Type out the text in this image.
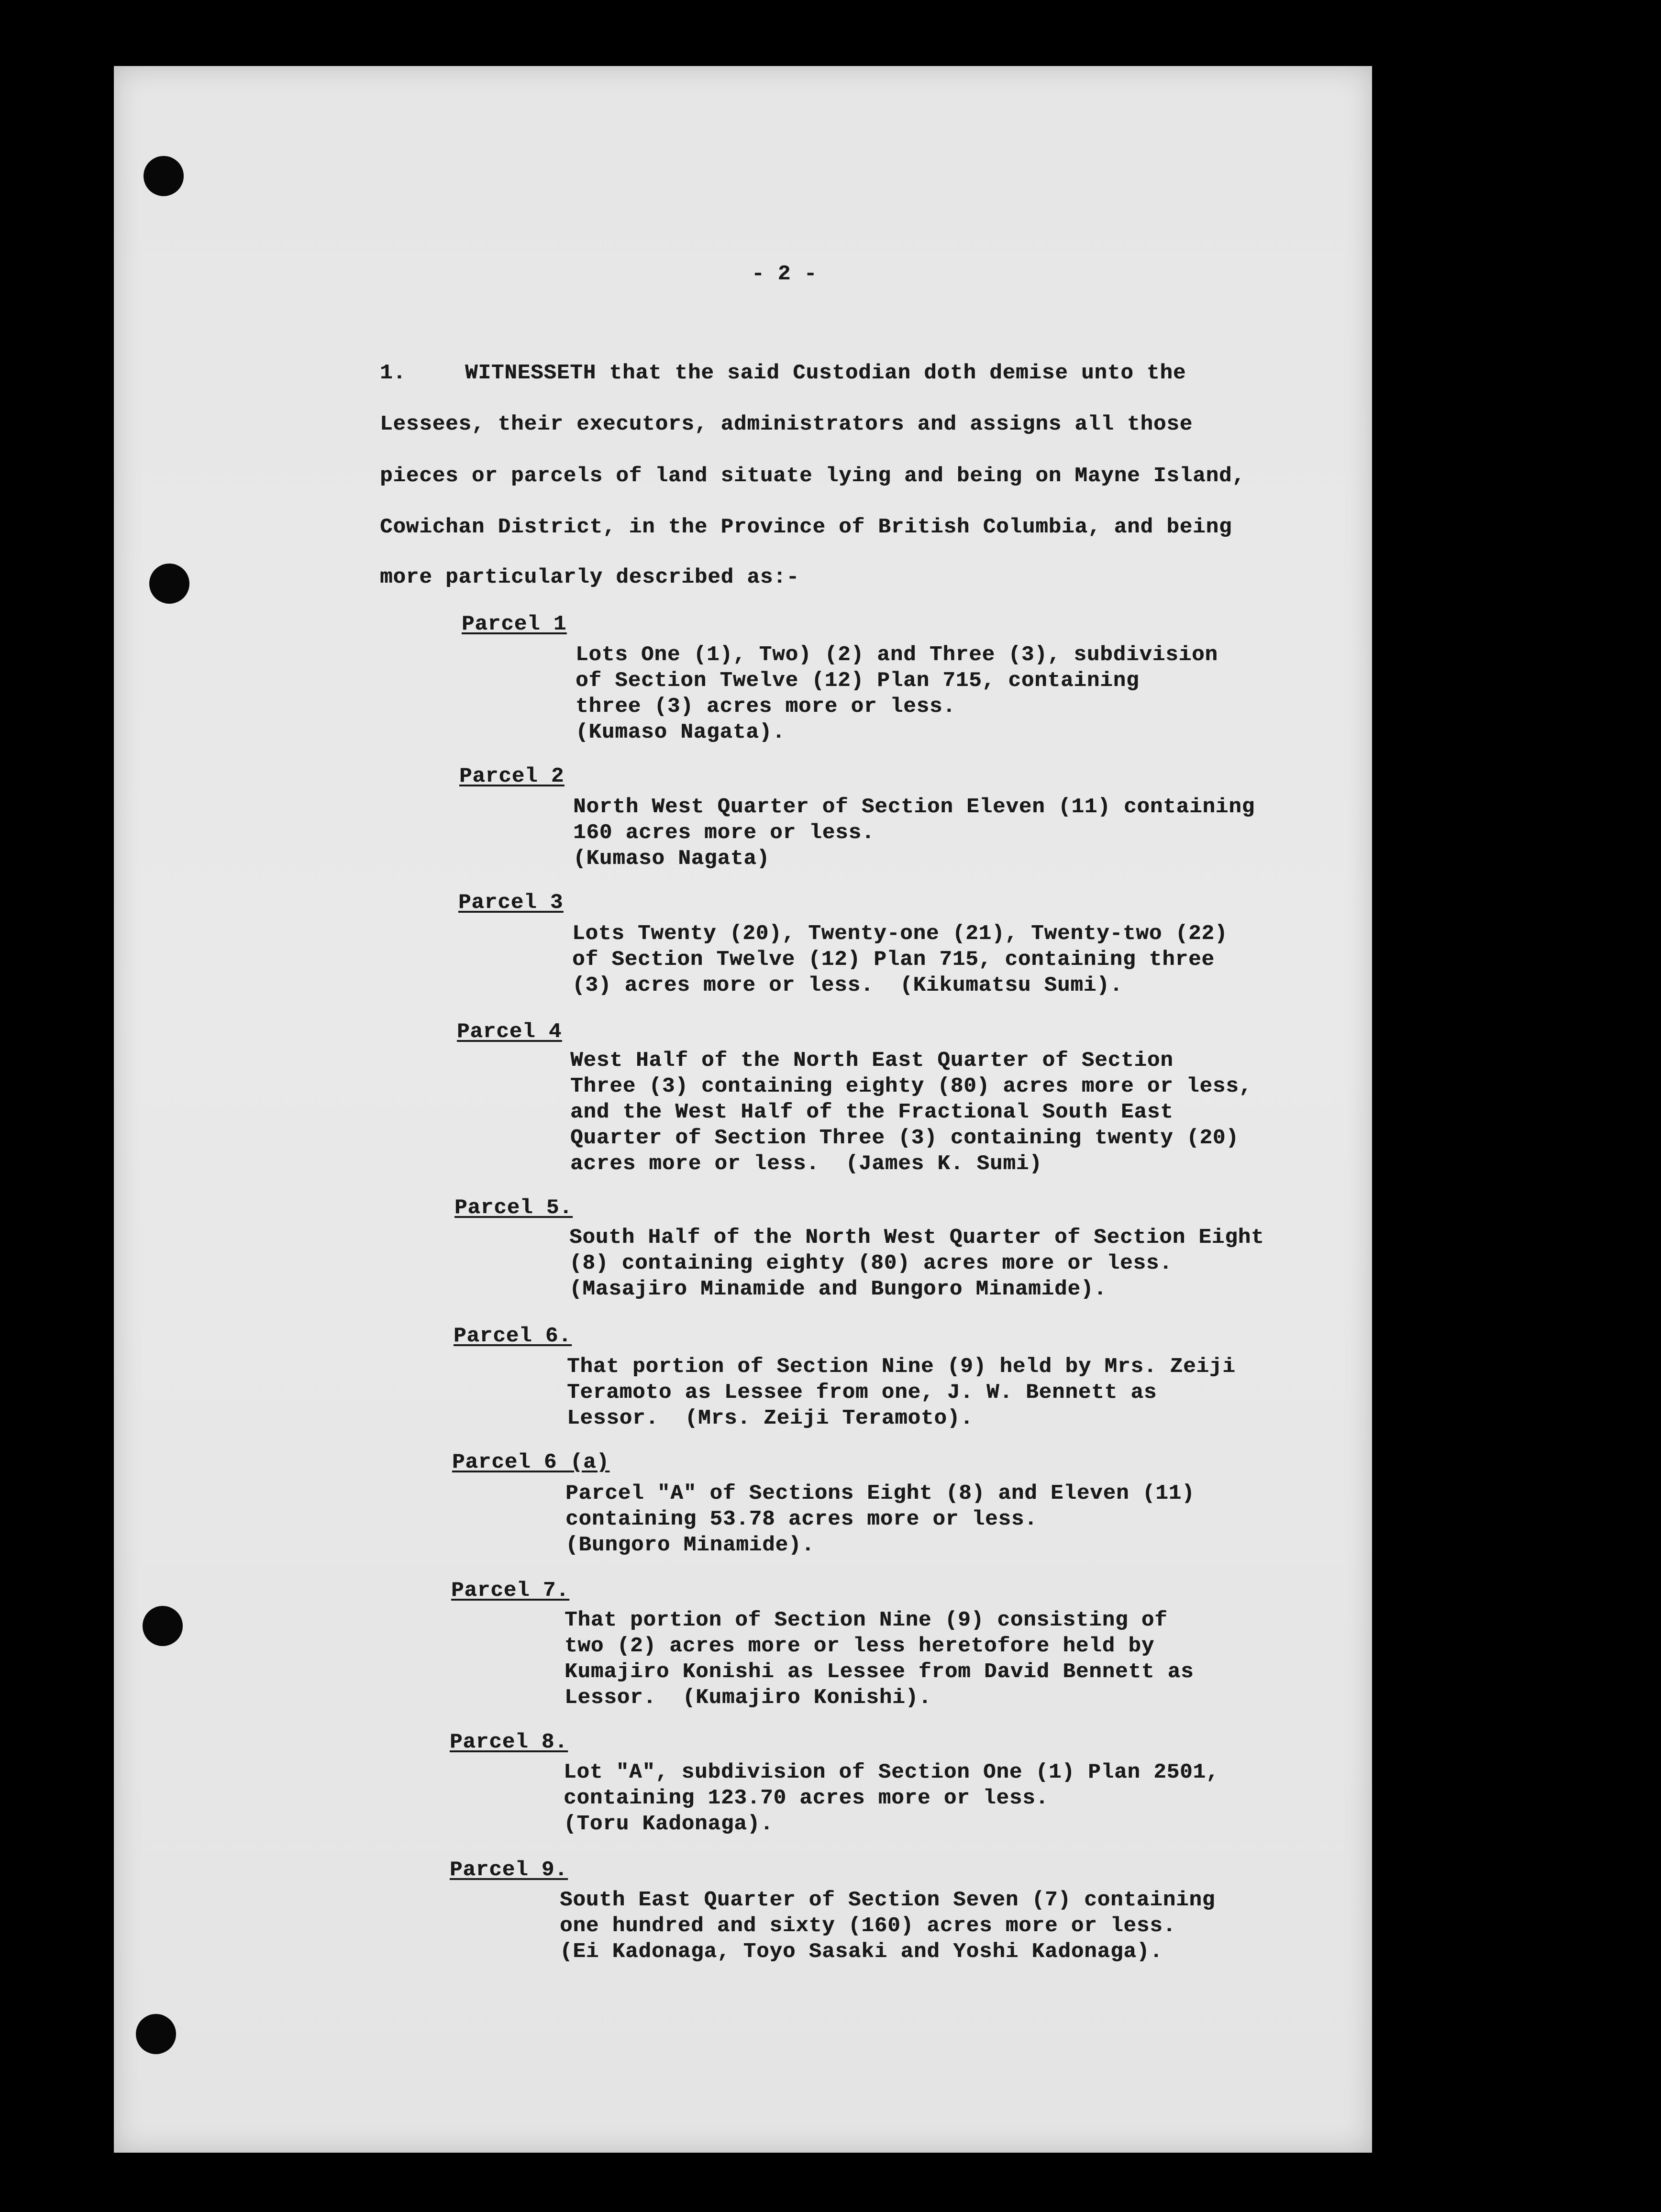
- 2 -

1.	WITNESSETH that the said Custodian doth demise unto the

Lessees, their executors, administrators and assigns all those

pieces or parcels of land situate lying and being on Mayne Island,

Cowichan District, in the Province of British Columbia, and being

more particularly described as:-

Parcel 1

Lots One (1), Two) (2) and Three (3), subdivision
of Section Twelve (12) Plan 715, containing
three (3) acres more or less.
(Kumaso Nagata).

Parcel 2

North West Quarter of Section Eleven (11) containing
160 acres more or less.
(Kumaso Nagata)

Parcel 3

Lots Twenty (20), Twenty-one (21), Twenty-two (22)
of Section Twelve (12) Plan 715, containing three
(3) acres more or less.  (Kikumatsu Sumi).

Parcel 4

West Half of the North East Quarter of Section
Three (3) containing eighty (80) acres more or less,
and the West Half of the Fractional South East
Quarter of Section Three (3) containing twenty (20)
acres more or less.  (James K. Sumi)

Parcel 5.

South Half of the North West Quarter of Section Eight
(8) containing eighty (80) acres more or less.
(Masajiro Minamide and Bungoro Minamide).

Parcel 6.

That portion of Section Nine (9) held by Mrs. Zeiji
Teramoto as Lessee from one, J. W. Bennett as
Lessor.  (Mrs. Zeiji Teramoto).

Parcel 6 (a)

Parcel "A" of Sections Eight (8) and Eleven (11)
containing 53.78 acres more or less.
(Bungoro Minamide).

Parcel 7.

That portion of Section Nine (9) consisting of
two (2) acres more or less heretofore held by
Kumajiro Konishi as Lessee from David Bennett as
Lessor.  (Kumajiro Konishi).

Parcel 8.

Lot "A", subdivision of Section One (1) Plan 2501,
containing 123.70 acres more or less.
(Toru Kadonaga).

Parcel 9.

South East Quarter of Section Seven (7) containing
one hundred and sixty (160) acres more or less.
(Ei Kadonaga, Toyo Sasaki and Yoshi Kadonaga).
